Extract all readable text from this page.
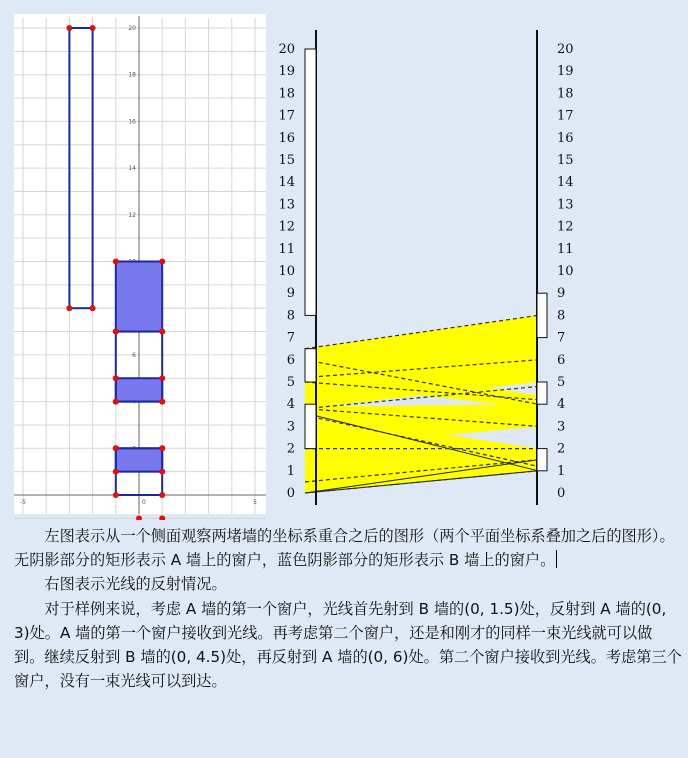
6
12
14
16
18
20
-5	5
0
0
1
2
3
4
5
6
7
8
9
10
11
12
13
14
15
16
17
18
19
20
0
1
2
3
4
5
6
7
8
9
10
11
12
13
14
15
16
17
18
19
20

左图表示从一个侧面观察两堵墙的坐标系重合之后的图形（两个平面坐标系叠加之后的图形）。无阴影部分的矩形表示 A 墙上的窗户，蓝色阴影部分的矩形表示 B 墙上的窗户。

右图表示光线的反射情况。

对于样例来说，考虑 A 墙的第一个窗户，光线首先射到 B 墙的(0, 1.5)处，反射到 A 墙的(0, 3)处。A 墙的第一个窗户接收到光线。再考虑第二个窗户，还是和刚才的同样一束光线就可以做到。继续反射到 B 墙的(0, 4.5)处，再反射到 A 墙的(0, 6)处。第二个窗户接收到光线。考虑第三个窗户，没有一束光线可以到达。
